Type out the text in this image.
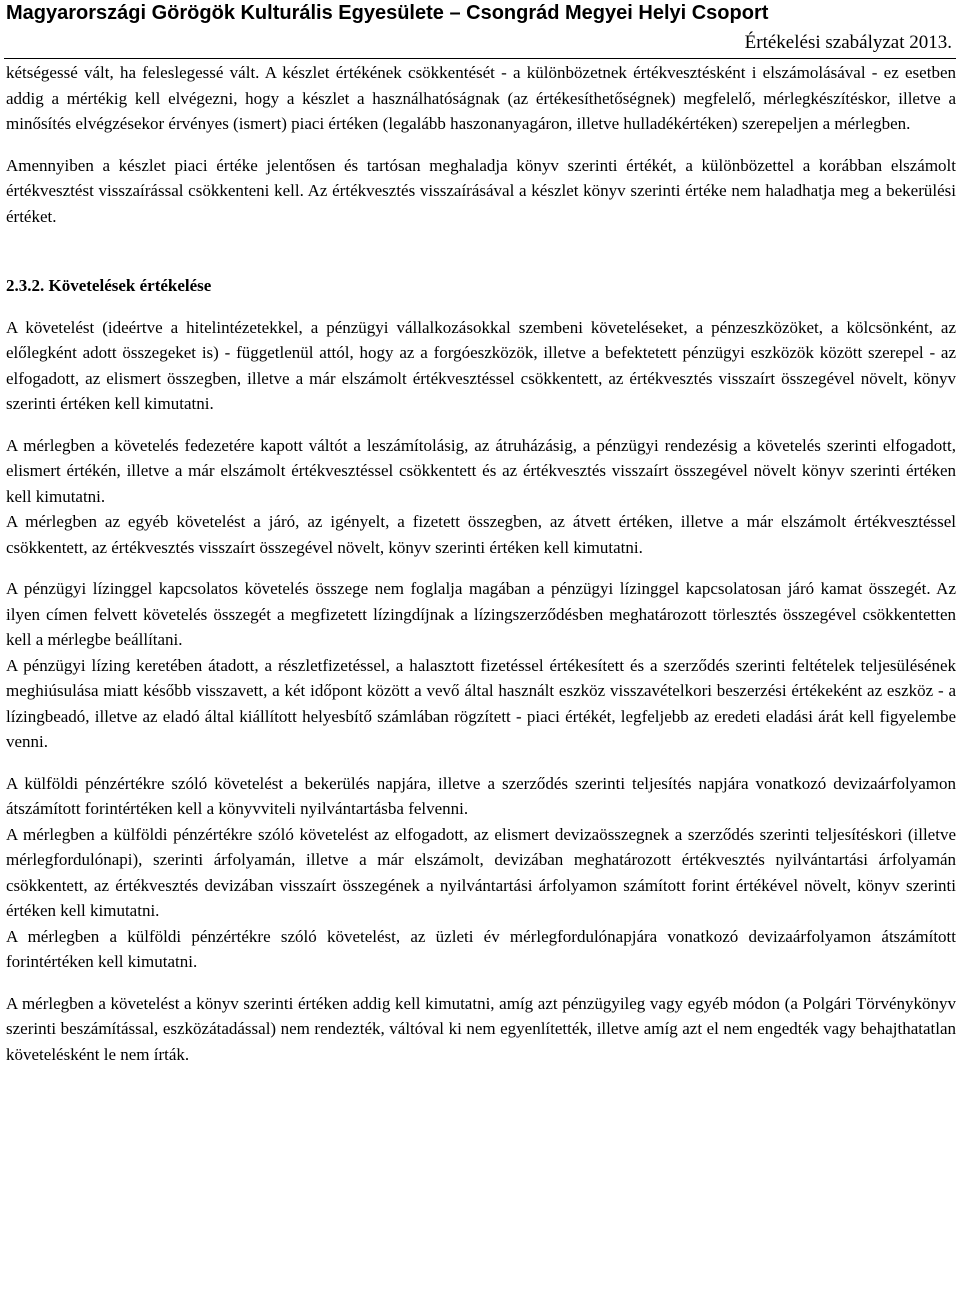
Magyarországi Görögök Kulturális Egyesülete – Csongrád Megyei Helyi Csoport
Értékelési szabályzat 2013.

kétségessé vált, ha feleslegessé vált. A készlet értékének csökkentését - a különbözetnek értékvesztésként i elszámolásával - ez esetben addig a mértékig kell elvégezni, hogy a készlet a használhatóságnak (az értékesíthetőségnek) megfelelő, mérlegkészítéskor, illetve a minősítés elvégzésekor érvényes (ismert) piaci értéken (legalább haszonanyagáron, illetve hulladékértéken) szerepeljen a mérlegben.

Amennyiben a készlet piaci értéke jelentősen és tartósan meghaladja könyv szerinti értékét, a különbözettel a korábban elszámolt értékvesztést visszaírással csökkenteni kell. Az értékvesztés visszaírásával a készlet könyv szerinti értéke nem haladhatja meg a bekerülési értéket.

2.3.2. Követelések értékelése

A követelést (ideértve a hitelintézetekkel, a pénzügyi vállalkozásokkal szembeni követeléseket, a pénzeszközöket, a kölcsönként, az előlegként adott összegeket is) - függetlenül attól, hogy az a forgóeszközök, illetve a befektetett pénzügyi eszközök között szerepel - az elfogadott, az elismert összegben, illetve a már elszámolt értékvesztéssel csökkentett, az értékvesztés visszaírt összegével növelt, könyv szerinti értéken kell kimutatni.

A mérlegben a követelés fedezetére kapott váltót a leszámítolásig, az átruházásig, a pénzügyi rendezésig a követelés szerinti elfogadott, elismert értékén, illetve a már elszámolt értékvesztéssel csökkentett és az értékvesztés visszaírt összegével növelt könyv szerinti értéken kell kimutatni.

A mérlegben az egyéb követelést a járó, az igényelt, a fizetett összegben, az átvett értéken, illetve a már elszámolt értékvesztéssel csökkentett, az értékvesztés visszaírt összegével növelt, könyv szerinti értéken kell kimutatni.

A pénzügyi lízinggel kapcsolatos követelés összege nem foglalja magában a pénzügyi lízinggel kapcsolatosan járó kamat összegét. Az ilyen címen felvett követelés összegét a megfizetett lízingdíjnak a lízingszerződésben meghatározott törlesztés összegével csökkentetten kell a mérlegbe beállítani.

A pénzügyi lízing keretében átadott, a részletfizetéssel, a halasztott fizetéssel értékesített és a szerződés szerinti feltételek teljesülésének meghiúsulása miatt később visszavett, a két időpont között a vevő által használt eszköz visszavételkori beszerzési értékeként az eszköz - a lízingbeadó, illetve az eladó által kiállított helyesbítő számlában rögzített - piaci értékét, legfeljebb az eredeti eladási árát kell figyelembe venni.

A külföldi pénzértékre szóló követelést a bekerülés napjára, illetve a szerződés szerinti teljesítés napjára vonatkozó devizaárfolyamon átszámított forintértéken kell a könyvviteli nyilvántartásba felvenni.

A mérlegben a külföldi pénzértékre szóló követelést az elfogadott, az elismert devizaösszegnek a szerződés szerinti teljesítéskori (illetve mérlegfordulónapi), szerinti árfolyamán, illetve a már elszámolt, devizában meghatározott értékvesztés nyilvántartási árfolyamán csökkentett, az értékvesztés devizában visszaírt összegének a nyilvántartási árfolyamon számított forint értékével növelt, könyv szerinti értéken kell kimutatni.

A mérlegben a külföldi pénzértékre szóló követelést, az üzleti év mérlegfordulónapjára vonatkozó devizaárfolyamon átszámított forintértéken kell kimutatni.

A mérlegben a követelést a könyv szerinti értéken addig kell kimutatni, amíg azt pénzügyileg vagy egyéb módon (a Polgári Törvénykönyv szerinti beszámítással, eszközátadással) nem rendezték, váltóval ki nem egyenlítették, illetve amíg azt el nem engedték vagy behajthatatlan követelésként le nem írták.
